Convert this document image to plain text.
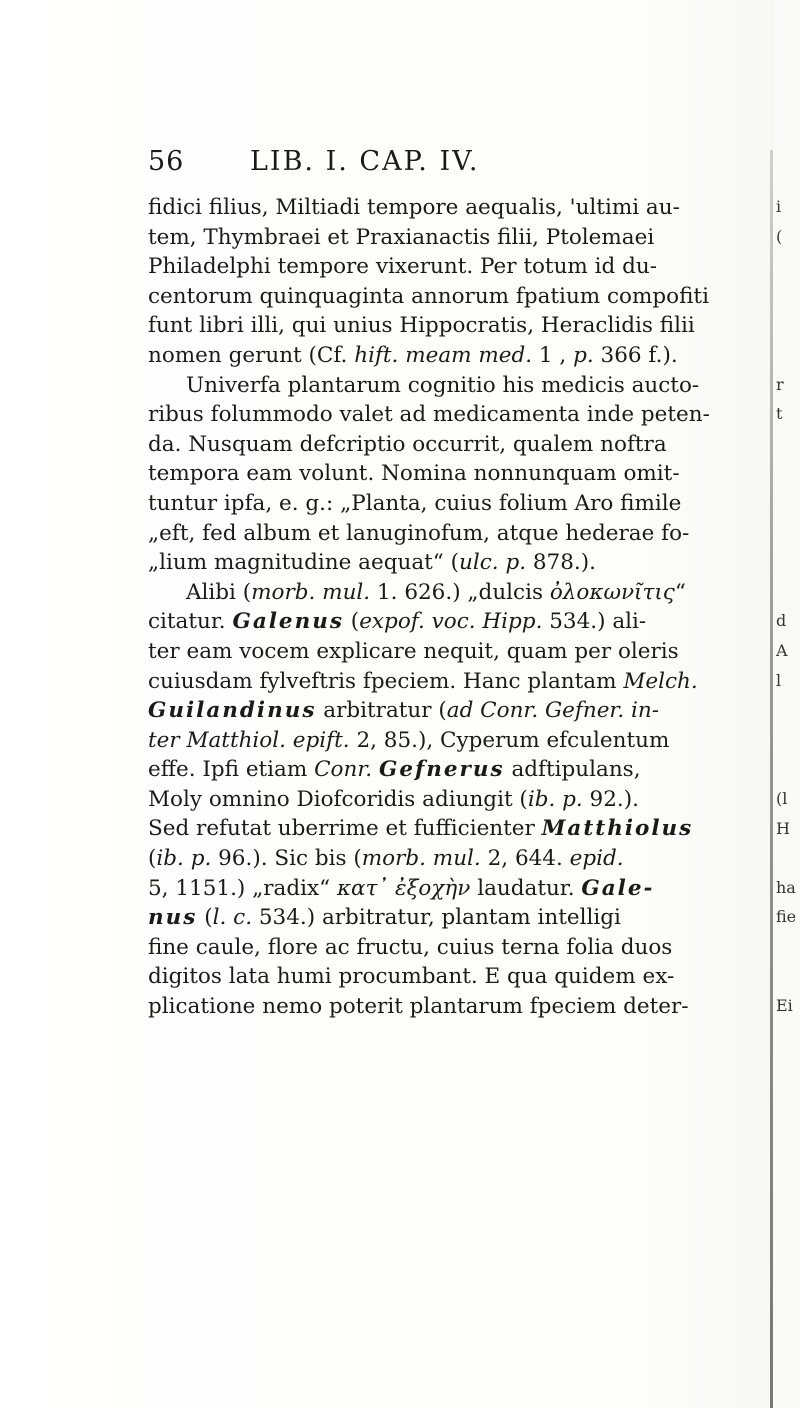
56 LIB. I. CAP. IV.
fidici filius, Miltiadi tempore aequalis, 'ultimi au-
tem, Thymbraei et Praxianactis filii, Ptolemaei
Philadelphi tempore vixerunt. Per totum id du-
centorum quinquaginta annorum fpatium compofiti
funt libri illi, qui unius Hippocratis, Heraclidis filii
nomen gerunt (Cf. hift. meam med. 1 , p. 366 f.).
Univerfa plantarum cognitio his medicis aucto-
ribus folummodo valet ad medicamenta inde peten-
da. Nusquam defcriptio occurrit, qualem noftra
tempora eam volunt. Nomina nonnunquam omit-
tuntur ipfa, e. g.: „Planta, cuius folium Aro fimile
„eft, fed album et lanuginofum, atque hederae fo-
„lium magnitudine aequat“ (ulc. p. 878.).
Alibi (morb. mul. 1. 626.) „dulcis ὀλοκωνῖτις“
citatur. Galenus (expof. voc. Hipp. 534.) ali-
ter eam vocem explicare nequit, quam per oleris
cuiusdam fylveftris fpeciem. Hanc plantam Melch.
Guilandinus arbitratur (ad Conr. Gefner. in-
ter Matthiol. epift. 2, 85.), Cyperum efculentum
effe. Ipfi etiam Conr. Gefnerus adftipulans,
Moly omnino Diofcoridis adiungit (ib. p. 92.).
Sed refutat uberrime et fufficienter Matthiolus
(ib. p. 96.). Sic bis (morb. mul. 2, 644. epid.
5, 1151.) „radix“ κατ᾽ ἐξοχὴν laudatur. Gale-
nus (l. c. 534.) arbitratur, plantam intelligi
fine caule, flore ac fructu, cuius terna folia duos
digitos lata humi procumbant. E qua quidem ex-
plicatione nemo poterit plantarum fpeciem deter-
i
(
r
t
d
A
l
(l
H
ha
fie
Ei
